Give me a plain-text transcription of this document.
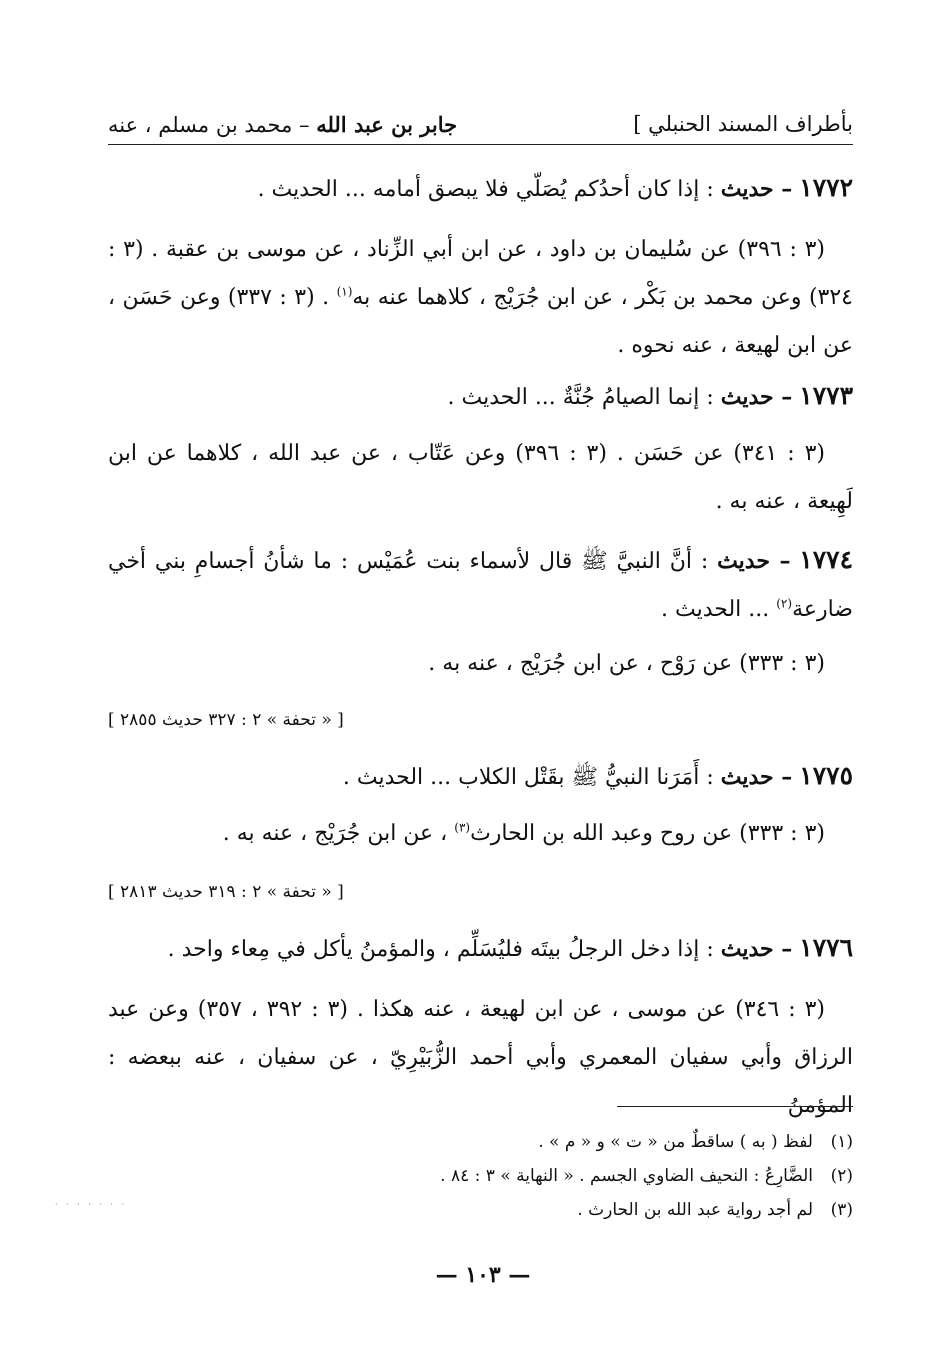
بأطراف المسند الحنبلي ]
جابر بن عبد الله – محمد بن مسلم ، عنه
١٧٧٢ – حديث : إذا كان أحدُكم يُصَلّي فلا يبصق أمامه ... الحديث .
(٣ : ٣٩٦) عن سُليمان بن داود ، عن ابن أبي الزِّناد ، عن موسى بن عقبة . (٣ : ٣٢٤) وعن محمد بن بَكْر ، عن ابن جُرَيْج ، كلاهما عنه به$^{(١)}$ . (٣ : ٣٣٧) وعن حَسَن ، عن ابن لهيعة ، عنه نحوه .
١٧٧٣ – حديث : إنما الصيامُ جُنَّةٌ ... الحديث .
(٣ : ٣٤١) عن حَسَن . (٣ : ٣٩٦) وعن عَتّاب ، عن عبد الله ، كلاهما عن ابن لَهِيعة ، عنه به .
١٧٧٤ – حديث : أنَّ النبيَّ ﷺ قال لأسماء بنت عُمَيْس : ما شأنُ أجسامِ بني أخي ضارعة$^{(٢)}$ ... الحديث .
(٣ : ٣٣٣) عن رَوْح ، عن ابن جُرَيْج ، عنه به .
[ « تحفة » ٢ : ٣٢٧ حديث ٢٨٥٥ ]
١٧٧٥ – حديث : أَمَرَنا النبيُّ ﷺ بقَتْل الكلاب ... الحديث .
(٣ : ٣٣٣) عن روح وعبد الله بن الحارث$^{(٣)}$ ، عن ابن جُرَيْج ، عنه به .
[ « تحفة » ٢ : ٣١٩ حديث ٢٨١٣ ]
١٧٧٦ – حديث : إذا دخل الرجلُ بيتَه فليُسَلِّم ، والمؤمنُ يأكل في مِعاء واحد .
(٣ : ٣٤٦) عن موسى ، عن ابن لهيعة ، عنه هكذا . (٣ : ٣٩٢ ، ٣٥٧) وعن عبد الرزاق وأبي سفيان المعمري وأبي أحمد الزُّبَيْرِيّ ، عن سفيان ، عنه ببعضه : المؤمنُ
(١)لفظ ( به ) ساقطٌ من « ت » و « م » .
(٢)الضَّارِعُ : النحيف الضاوي الجسم . « النهاية » ٣ : ٨٤ .
(٣)لم أجد رواية عبد الله بن الحارث .
· · · · · · ·
— ١٠٣ —
